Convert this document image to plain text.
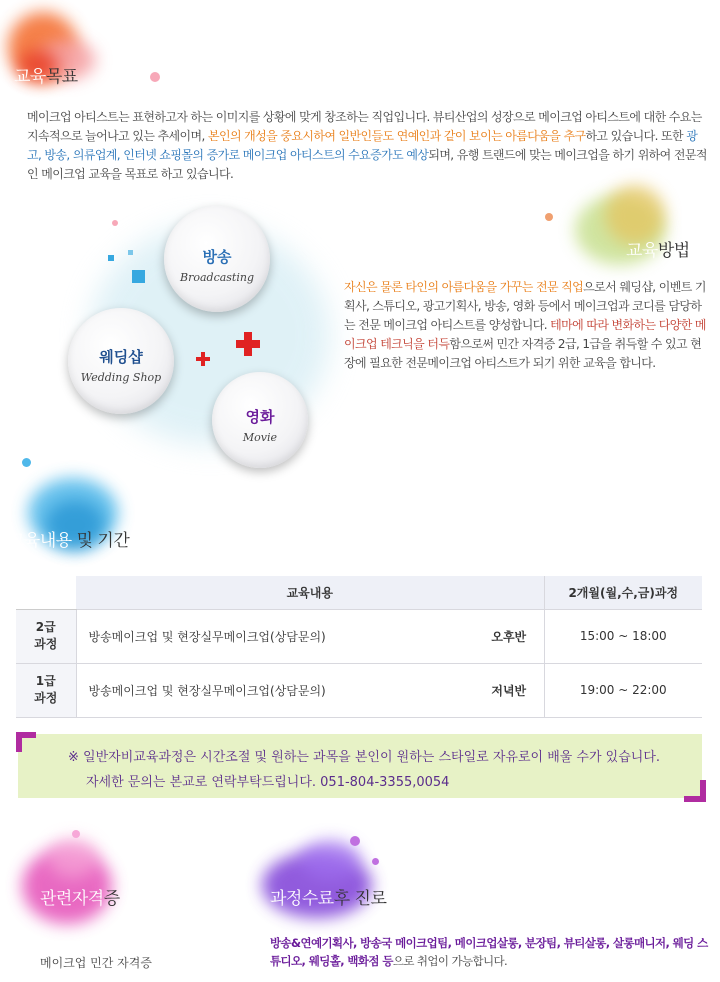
교육목표
메이크업 아티스트는 표현하고자 하는 이미지를 상황에 맞게 창조하는 직업입니다. 뷰티산업의 성장으로 메이크업 아티스트에 대한 수요는 지속적으로 늘어나고 있는 추세이며, 본인의 개성을 중요시하여 일반인들도 연예인과 같이 보이는 아름다움을 추구하고 있습니다. 또한 광고, 방송, 의류업계, 인터넷 쇼핑몰의 증가로 메이크업 아티스트의 수요증가도 예상되며, 유행 트랜드에 맞는 메이크업을 하기 위하여 전문적인 메이크업 교육을 목표로 하고 있습니다.
방송
Broadcasting
웨딩샵
Wedding Shop
영화
Movie
교육방법
자신은 물론 타인의 아름다움을 가꾸는 전문 직업으로서 웨딩샵, 이벤트 기획사, 스튜디오, 광고기획사, 방송, 영화 등에서 메이크업과 코디를 담당하는 전문 메이크업 아티스트를 양성합니다. 테마에 따라 변화하는 다양한 메이크업 테크닉을 터득함으로써 민간 자격증 2급, 1급을 취득할 수 있고 현장에 필요한 전문메이크업 아티스트가 되기 위한 교육을 합니다.
교육내용 및 기간
	교육내용		2개월(월,수,금)과정
2급
과정	방송메이크업 및 현장실무메이크업(상담문의)	오후반	15:00 ~ 18:00
1급
과정	방송메이크업 및 현장실무메이크업(상담문의)	저녁반	19:00 ~ 22:00
※ 일반자비교육과정은 시간조절 및 원하는 과목을 본인이 원하는 스타일로 자유로이 배울 수가 있습니다.
자세한 문의는 본교로 연락부탁드립니다. 051-804-3355,0054
관련자격증
메이크업 민간 자격증
과정수료후 진로
방송&연예기획사, 방송국 메이크업팀, 메이크업살롱, 분장팀, 뷰티살롱, 살롱매니저, 웨딩 스튜디오, 웨딩홀, 백화점 등으로 취업이 가능합니다.
